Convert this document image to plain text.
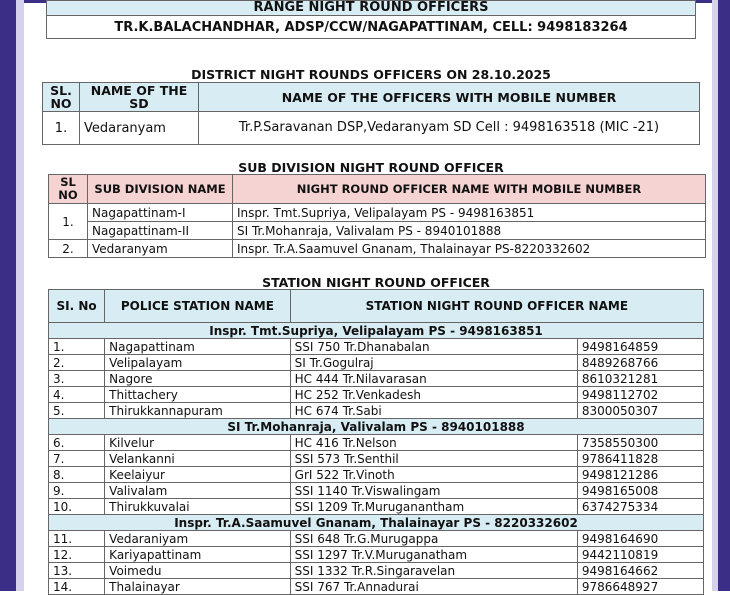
RANGE NIGHT ROUND OFFICERS
TR.K.BALACHANDHAR, ADSP/CCW/NAGAPATTINAM, CELL: 9498183264
DISTRICT NIGHT ROUNDS OFFICERS ON 28.10.2025
SL. NO	NAME OF THE SD	NAME OF THE OFFICERS WITH MOBILE NUMBER
1.	Vedaranyam	Tr.P.Saravanan DSP,Vedaranyam SD Cell : 9498163518 (MIC -21)
SUB DIVISION NIGHT ROUND OFFICER
SL NO	SUB DIVISION NAME	NIGHT ROUND OFFICER NAME WITH MOBILE NUMBER
1.	Nagapattinam-I	Inspr. Tmt.Supriya, Velipalayam PS - 9498163851
	Nagapattinam-II	SI Tr.Mohanraja, Valivalam PS - 8940101888
2.	Vedaranyam	Inspr. Tr.A.Saamuvel Gnanam, Thalainayar PS-8220332602
STATION NIGHT ROUND OFFICER
SI. No	POLICE STATION NAME	STATION NIGHT ROUND OFFICER NAME	
Inspr. Tmt.Supriya, Velipalayam PS - 9498163851			
1.	Nagapattinam	SSI 750 Tr.Dhanabalan	9498164859
2.	Velipalayam	SI Tr.Gogulraj	8489268766
3.	Nagore	HC 444 Tr.Nilavarasan	8610321281
4.	Thittachery	HC 252 Tr.Venkadesh	9498112702
5.	Thirukkannapuram	HC 674 Tr.Sabi	8300050307
SI Tr.Mohanraja, Valivalam PS - 8940101888			
6.	Kilvelur	HC 416 Tr.Nelson	7358550300
7.	Velankanni	SSI 573 Tr.Senthil	9786411828
8.	Keelaiyur	GrI 522 Tr.Vinoth	9498121286
9.	Valivalam	SSI 1140 Tr.Viswalingam	9498165008
10.	Thirukkuvalai	SSI 1209 Tr.Muruganantham	6374275334
Inspr. Tr.A.Saamuvel Gnanam, Thalainayar PS - 8220332602			
11.	Vedaraniyam	SSI 648 Tr.G.Murugappa	9498164690
12.	Kariyapattinam	SSI 1297 Tr.V.Muruganatham	9442110819
13.	Voimedu	SSI 1332 Tr.R.Singaravelan	9498164662
14.	Thalainayar	SSI 767 Tr.Annadurai	9786648927
